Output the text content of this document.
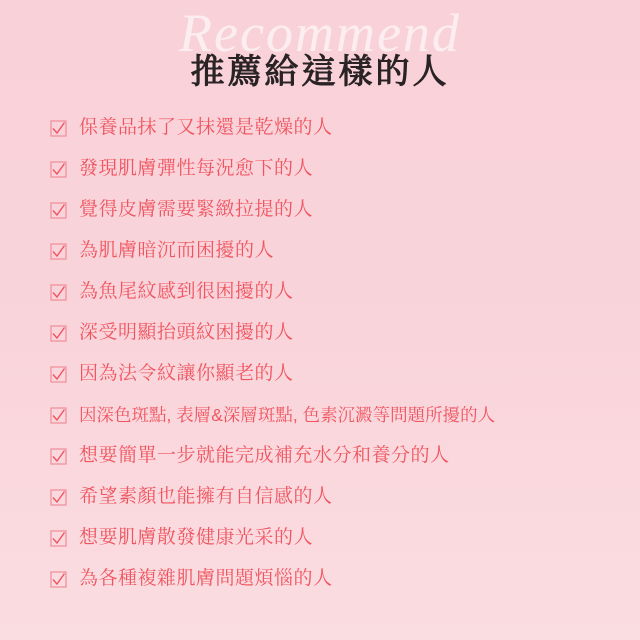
Recommend
推薦給這樣的人
保養品抹了又抹還是乾燥的人
發現肌膚彈性每況愈下的人
覺得皮膚需要緊緻拉提的人
為肌膚暗沉而困擾的人
為魚尾紋感到很困擾的人
深受明顯抬頭紋困擾的人
因為法令紋讓你顯老的人
因深色斑點, 表層&深層斑點, 色素沉澱等問題所擾的人
想要簡單一步就能完成補充水分和養分的人
希望素顏也能擁有自信感的人
想要肌膚散發健康光采的人
為各種複雜肌膚問題煩惱的人
